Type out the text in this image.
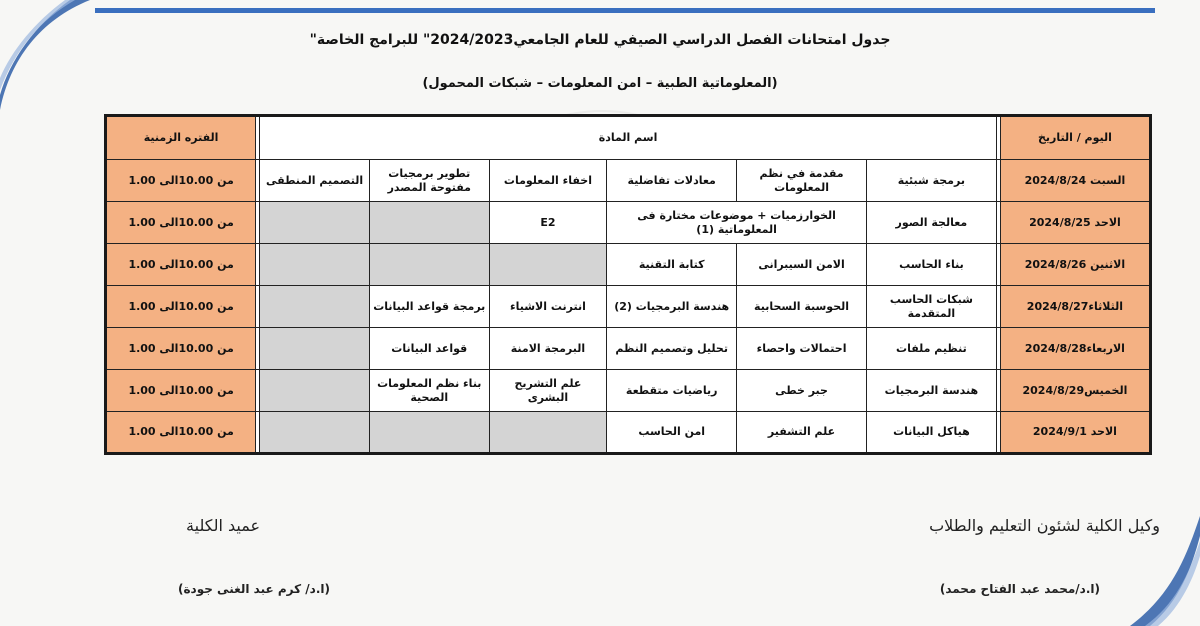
جدول امتحانات الفصل الدراسي الصيفي للعام الجامعي2024/2023" للبرامج الخاصة"
(المعلوماتية الطبية – امن المعلومات – شبكات المحمول)
اليوم / التاريخ		اسم المادة							الفتره الزمنية
السبت 2024/8/24		برمجة شبئية	مقدمة في نظم المعلومات	معادلات تفاضلية	اخفاء المعلومات	تطوير برمجيات مفتوحة المصدر	التصميم المنطقى		من 10.00الى 1.00
الاحد 2024/8/25		معالجة الصور	الخوارزميات + موضوعات مختارة فى المعلوماتية (1)		E2				من 10.00الى 1.00
الاثنين 2024/8/26		بناء الحاسب	الامن السيبرانى	كتابة التقنية					من 10.00الى 1.00
الثلاثاء2024/8/27		شبكات الحاسب المتقدمة	الحوسبة السحابية	هندسة البرمجيات (2)	انترنت الاشياء	برمجة قواعد البيانات			من 10.00الى 1.00
الاربعاء2024/8/28		تنظيم ملفات	احتمالات واحصاء	تحليل وتصميم النظم	البرمجة الامنة	قواعد البيانات			من 10.00الى 1.00
الخميس2024/8/29		هندسة البرمجيات	جبر خطى	رياضيات متقطعة	علم التشريح البشرى	بناء نظم المعلومات الصحية			من 10.00الى 1.00
الاحد 2024/9/1		هياكل البيانات	علم التشفير	امن الحاسب					من 10.00الى 1.00
وكيل الكلية لشئون التعليم والطلاب
(ا.د/محمد عبد الفتاح محمد)
عميد الكلية
(ا.د/ كرم عبد الغنى جودة)
